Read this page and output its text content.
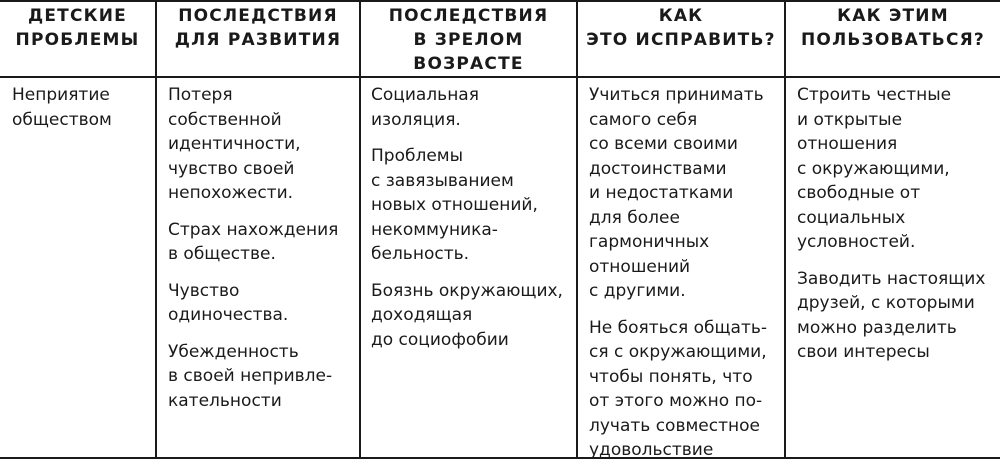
ДЕТСКИЕ
ПРОБЛЕМЫ
ПОСЛЕДСТВИЯ
ДЛЯ РАЗВИТИЯ
ПОСЛЕДСТВИЯ
В ЗРЕЛОМ
ВОЗРАСТЕ
КАК
ЭТО ИСПРАВИТЬ?
КАК ЭТИМ
ПОЛЬЗОВАТЬСЯ?

Неприятие
обществом

Потеря
собственной
идентичности,
чувство своей
непохожести.

Страх нахождения
в обществе.

Чувство
одиночества.

Убежденность
в своей непривле-
кательности

Социальная
изоляция.

Проблемы
с завязыванием
новых отношений,
некоммуника-
бельность.

Боязнь окружающих,
доходящая
до социофобии

Учиться принимать
самого себя
со всеми своими
достоинствами
и недостатками
для более
гармоничных
отношений
с другими.

Не бояться общать-
ся с окружающими,
чтобы понять, что
от этого можно по-
лучать совместное
удовольствие

Строить честные
и открытые
отношения
с окружающими,
свободные от
социальных
условностей.

Заводить настоящих
друзей, с которыми
можно разделить
свои интересы
